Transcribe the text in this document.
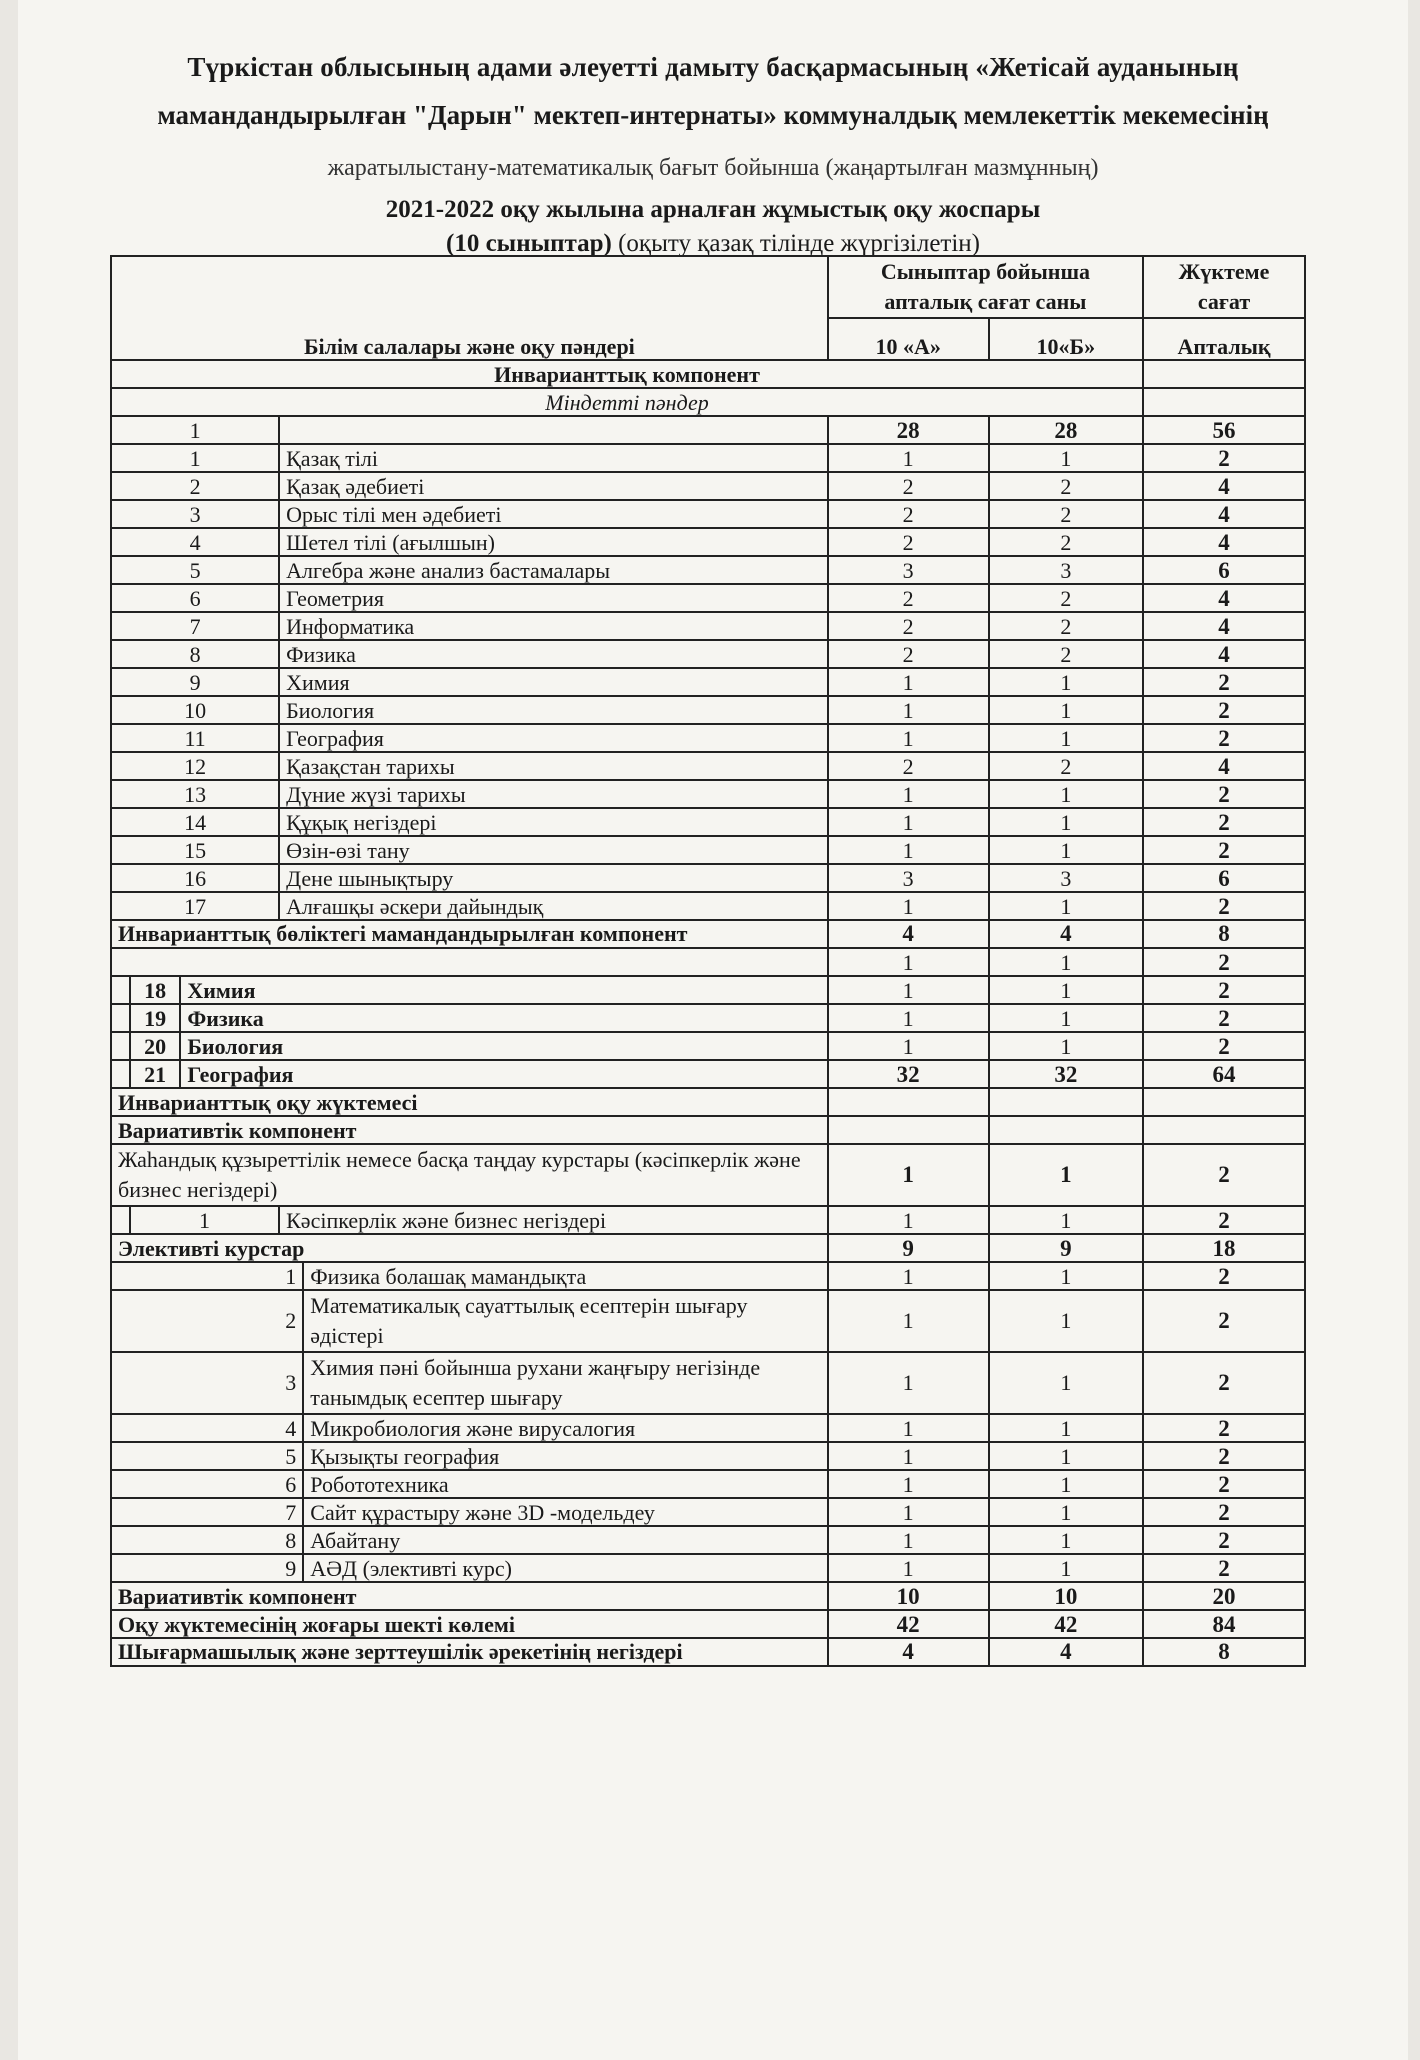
Түркістан облысының адами әлеуетті дамыту басқармасының «Жетісай ауданының
мамандандырылған "Дарын" мектеп-интернаты» коммуналдық мемлекеттік мекемесінің
жаратылыстану-математикалық бағыт бойынша (жаңартылған мазмұнның)
2021-2022 оқу жылына арналған жұмыстық оқу жоспары
(10 сыныптар) (оқыту қазақ тілінде жүргізілетін)
Білім салалары және оқу пәндері					Сыныптар бойынша апталық сағат саны		Жүктеме сағат
					10 «А»	10«Б»	Апталық
Инварианттық компонент							
Міндетті пәндер							
1					28	28	56
1			Қазақ тілі		1	1	2
2			Қазақ әдебиеті		2	2	4
3			Орыс тілі мен әдебиеті		2	2	4
4			Шетел тілі (ағылшын)		2	2	4
5			Алгебра және анализ бастамалары		3	3	6
6			Геометрия		2	2	4
7			Информатика		2	2	4
8			Физика		2	2	4
9			Химия		1	1	2
10			Биология		1	1	2
11			География		1	1	2
12			Қазақстан тарихы		2	2	4
13			Дүние жүзі тарихы		1	1	2
14			Құқық негіздері		1	1	2
15			Өзін-өзі тану		1	1	2
16			Дене шынықтыру		3	3	6
17			Алғашқы әскери дайындық		1	1	2
Инварианттық бөліктегі мамандандырылған компонент					4	4	8
					1	1	2
	18	Химия			1	1	2
	19	Физика			1	1	2
	20	Биология			1	1	2
	21	География			32	32	64
Инварианттық оқу жүктемесі							
Вариативтік компонент							
Жаһандық құзыреттілік немесе басқа таңдау курстары (кәсіпкерлік және бизнес негіздері)					1	1	2
	1		Кәсіпкерлік және бизнес негіздері		1	1	2
Элективті курстар					9	9	18
1				Физика болашақ мамандықта	1	1	2
2				Математикалық сауаттылық есептерін шығару әдістері	1	1	2
3				Химия пәні бойынша рухани жаңғыру негізінде танымдық есептер шығару	1	1	2
4				Микробиология және вирусалогия	1	1	2
5				Қызықты география	1	1	2
6				Робототехника	1	1	2
7				Сайт құрастыру және 3D -модельдеу	1	1	2
8				Абайтану	1	1	2
9				АӘД (элективті курс)	1	1	2
Вариативтік компонент					10	10	20
Оқу жүктемесінің жоғары шекті көлемі					42	42	84
Шығармашылық және зерттеушілік әрекетінің негіздері					4	4	8
